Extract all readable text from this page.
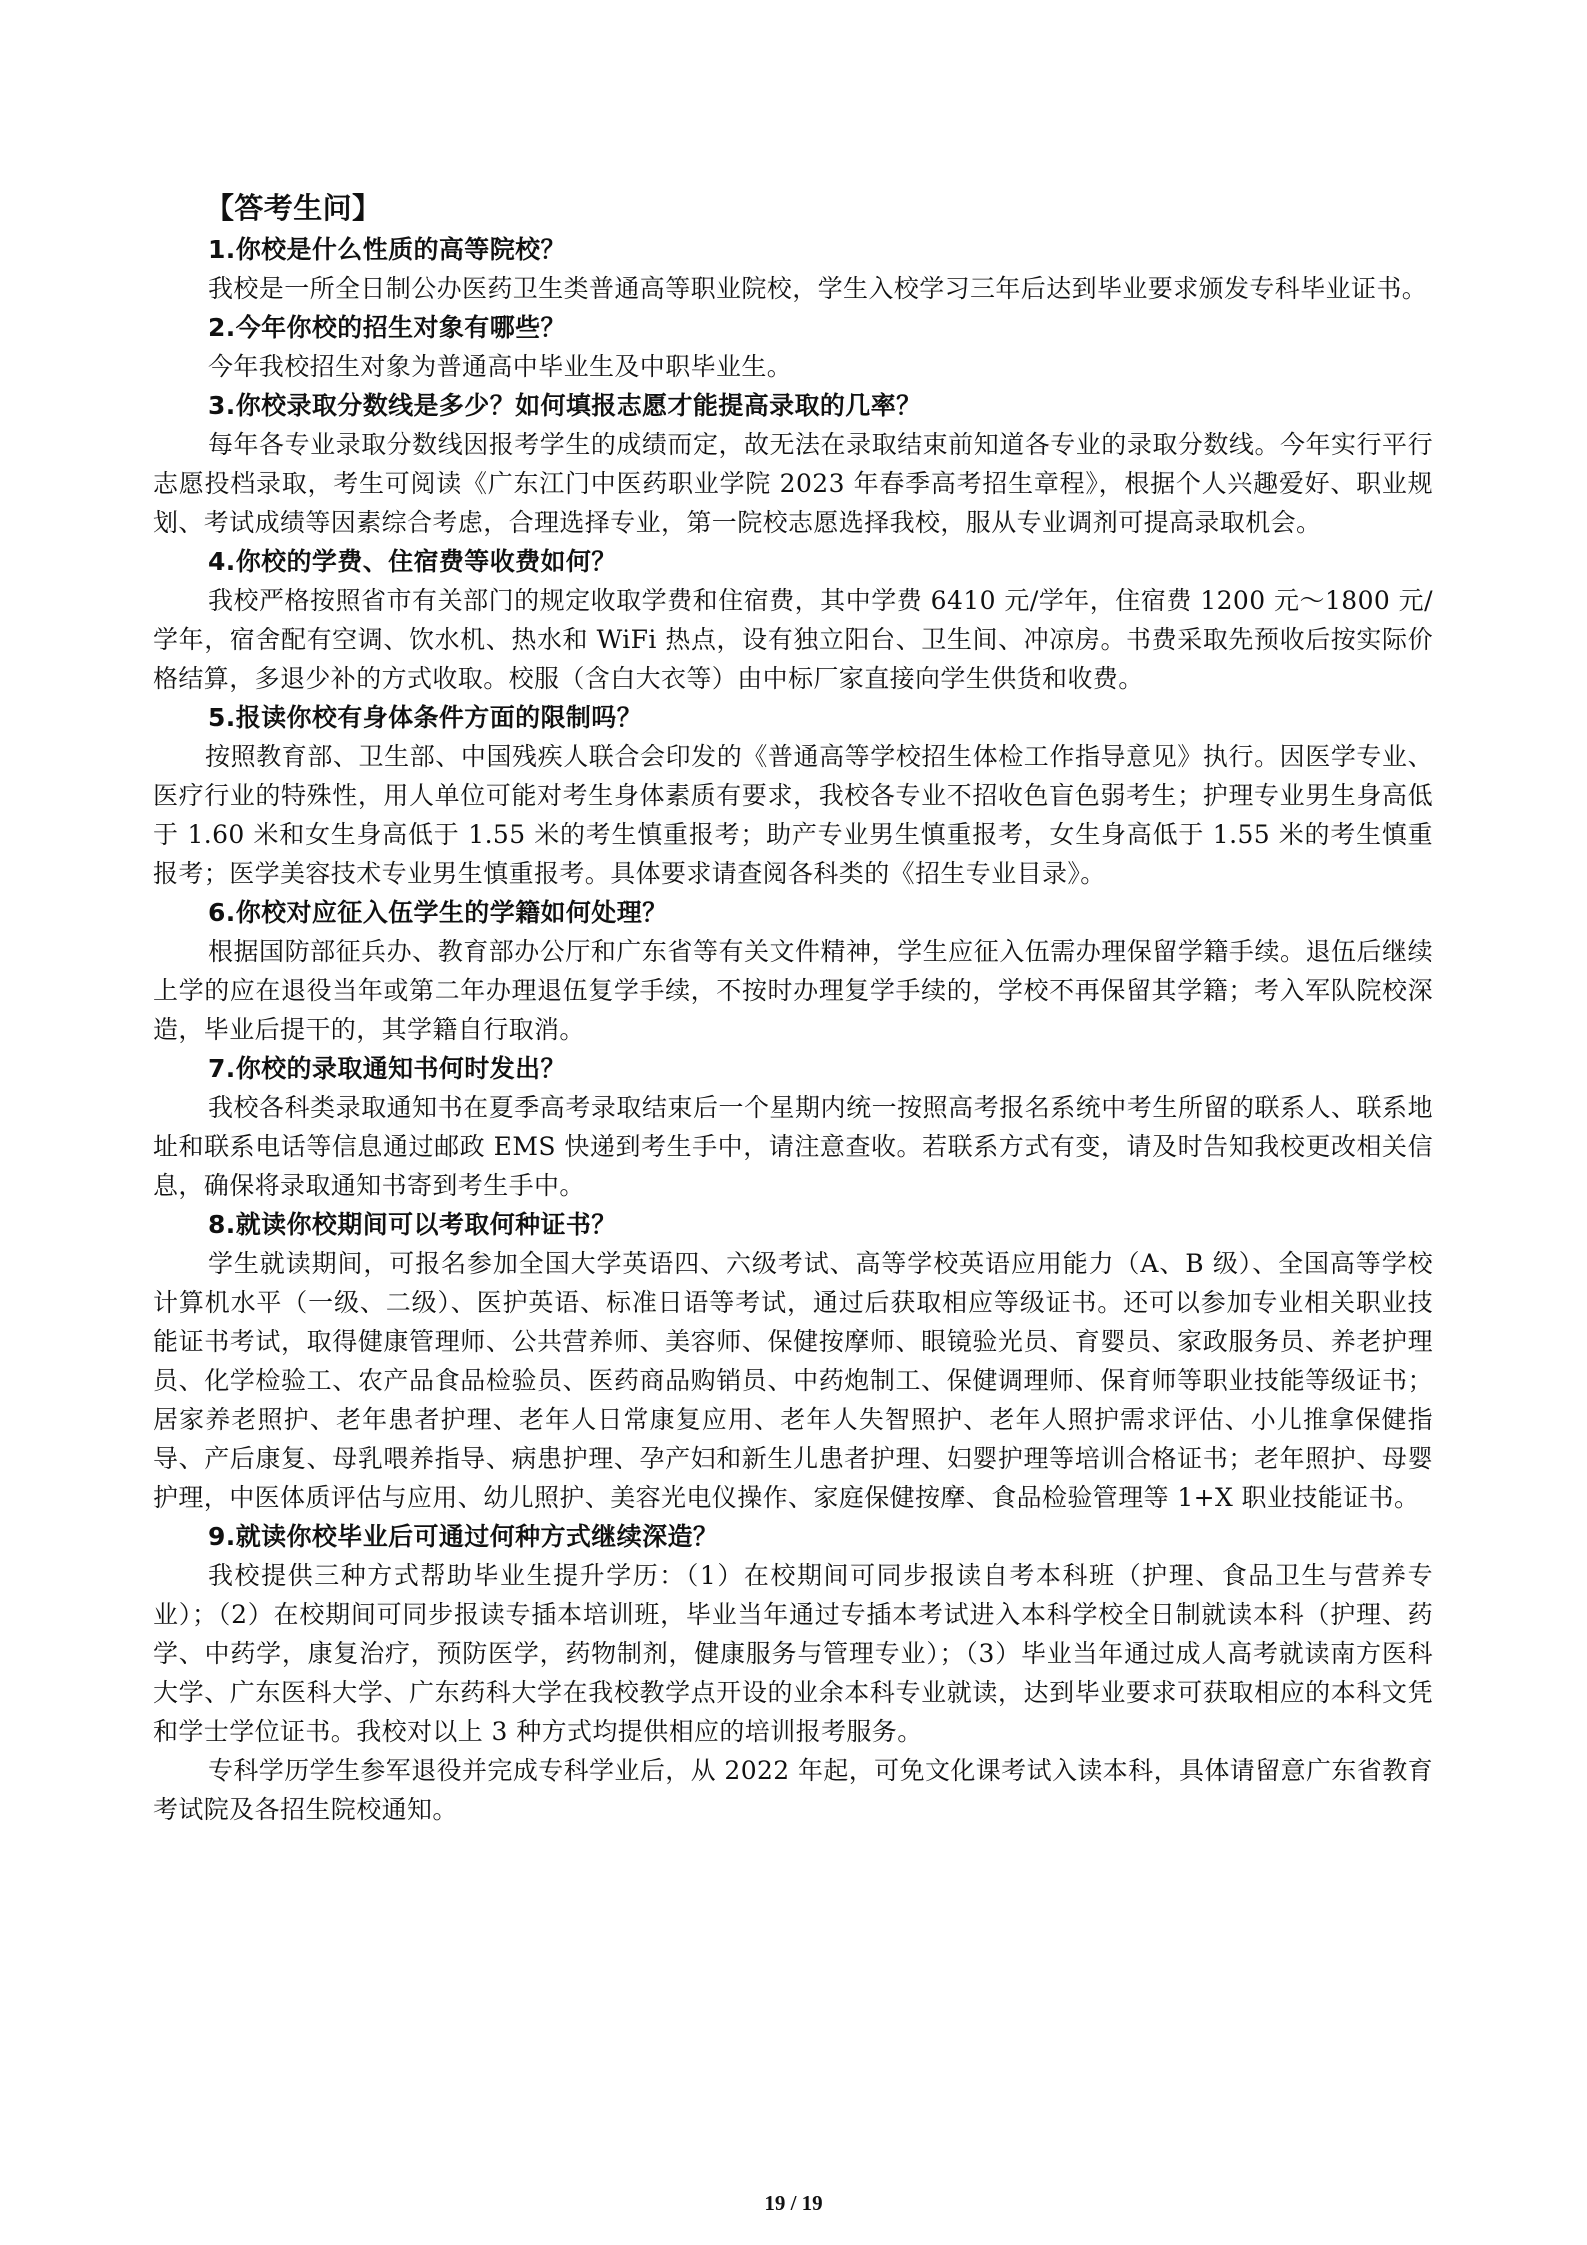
【答考生问】

1.你校是什么性质的高等院校？

我校是一所全日制公办医药卫生类普通高等职业院校，学生入校学习三年后达到毕业要求颁发专科毕业证书。

2.今年你校的招生对象有哪些？

今年我校招生对象为普通高中毕业生及中职毕业生。

3.你校录取分数线是多少？如何填报志愿才能提高录取的几率？

每年各专业录取分数线因报考学生的成绩而定，故无法在录取结束前知道各专业的录取分数线。今年实行平行志愿投档录取，考生可阅读《广东江门中医药职业学院 2023 年春季高考招生章程》，根据个人兴趣爱好、职业规划、考试成绩等因素综合考虑，合理选择专业，第一院校志愿选择我校，服从专业调剂可提高录取机会。

4.你校的学费、住宿费等收费如何？

我校严格按照省市有关部门的规定收取学费和住宿费，其中学费 6410 元/学年，住宿费 1200 元～1800 元/学年，宿舍配有空调、饮水机、热水和 WiFi 热点，设有独立阳台、卫生间、冲凉房。书费采取先预收后按实际价格结算，多退少补的方式收取。校服（含白大衣等）由中标厂家直接向学生供货和收费。

5.报读你校有身体条件方面的限制吗？

按照教育部、卫生部、中国残疾人联合会印发的《普通高等学校招生体检工作指导意见》执行。因医学专业、医疗行业的特殊性，用人单位可能对考生身体素质有要求，我校各专业不招收色盲色弱考生；护理专业男生身高低于 1.60 米和女生身高低于 1.55 米的考生慎重报考；助产专业男生慎重报考，女生身高低于 1.55 米的考生慎重报考；医学美容技术专业男生慎重报考。具体要求请查阅各科类的《招生专业目录》。

6.你校对应征入伍学生的学籍如何处理？

根据国防部征兵办、教育部办公厅和广东省等有关文件精神，学生应征入伍需办理保留学籍手续。退伍后继续上学的应在退役当年或第二年办理退伍复学手续，不按时办理复学手续的，学校不再保留其学籍；考入军队院校深造，毕业后提干的，其学籍自行取消。

7.你校的录取通知书何时发出？

我校各科类录取通知书在夏季高考录取结束后一个星期内统一按照高考报名系统中考生所留的联系人、联系地址和联系电话等信息通过邮政 EMS 快递到考生手中，请注意查收。若联系方式有变，请及时告知我校更改相关信息，确保将录取通知书寄到考生手中。

8.就读你校期间可以考取何种证书？

学生就读期间，可报名参加全国大学英语四、六级考试、高等学校英语应用能力（A、B 级）、全国高等学校计算机水平（一级、二级）、医护英语、标准日语等考试，通过后获取相应等级证书。还可以参加专业相关职业技能证书考试，取得健康管理师、公共营养师、美容师、保健按摩师、眼镜验光员、育婴员、家政服务员、养老护理员、化学检验工、农产品食品检验员、医药商品购销员、中药炮制工、保健调理师、保育师等职业技能等级证书；居家养老照护、老年患者护理、老年人日常康复应用、老年人失智照护、老年人照护需求评估、小儿推拿保健指导、产后康复、母乳喂养指导、病患护理、孕产妇和新生儿患者护理、妇婴护理等培训合格证书；老年照护、母婴护理，中医体质评估与应用、幼儿照护、美容光电仪操作、家庭保健按摩、食品检验管理等 1+X 职业技能证书。

9.就读你校毕业后可通过何种方式继续深造？

我校提供三种方式帮助毕业生提升学历：（1）在校期间可同步报读自考本科班（护理、食品卫生与营养专业）；（2）在校期间可同步报读专插本培训班，毕业当年通过专插本考试进入本科学校全日制就读本科（护理、药学、中药学，康复治疗，预防医学，药物制剂，健康服务与管理专业）；（3）毕业当年通过成人高考就读南方医科大学、广东医科大学、广东药科大学在我校教学点开设的业余本科专业就读，达到毕业要求可获取相应的本科文凭和学士学位证书。我校对以上 3 种方式均提供相应的培训报考服务。

专科学历学生参军退役并完成专科学业后，从 2022 年起，可免文化课考试入读本科，具体请留意广东省教育考试院及各招生院校通知。

19 / 19
